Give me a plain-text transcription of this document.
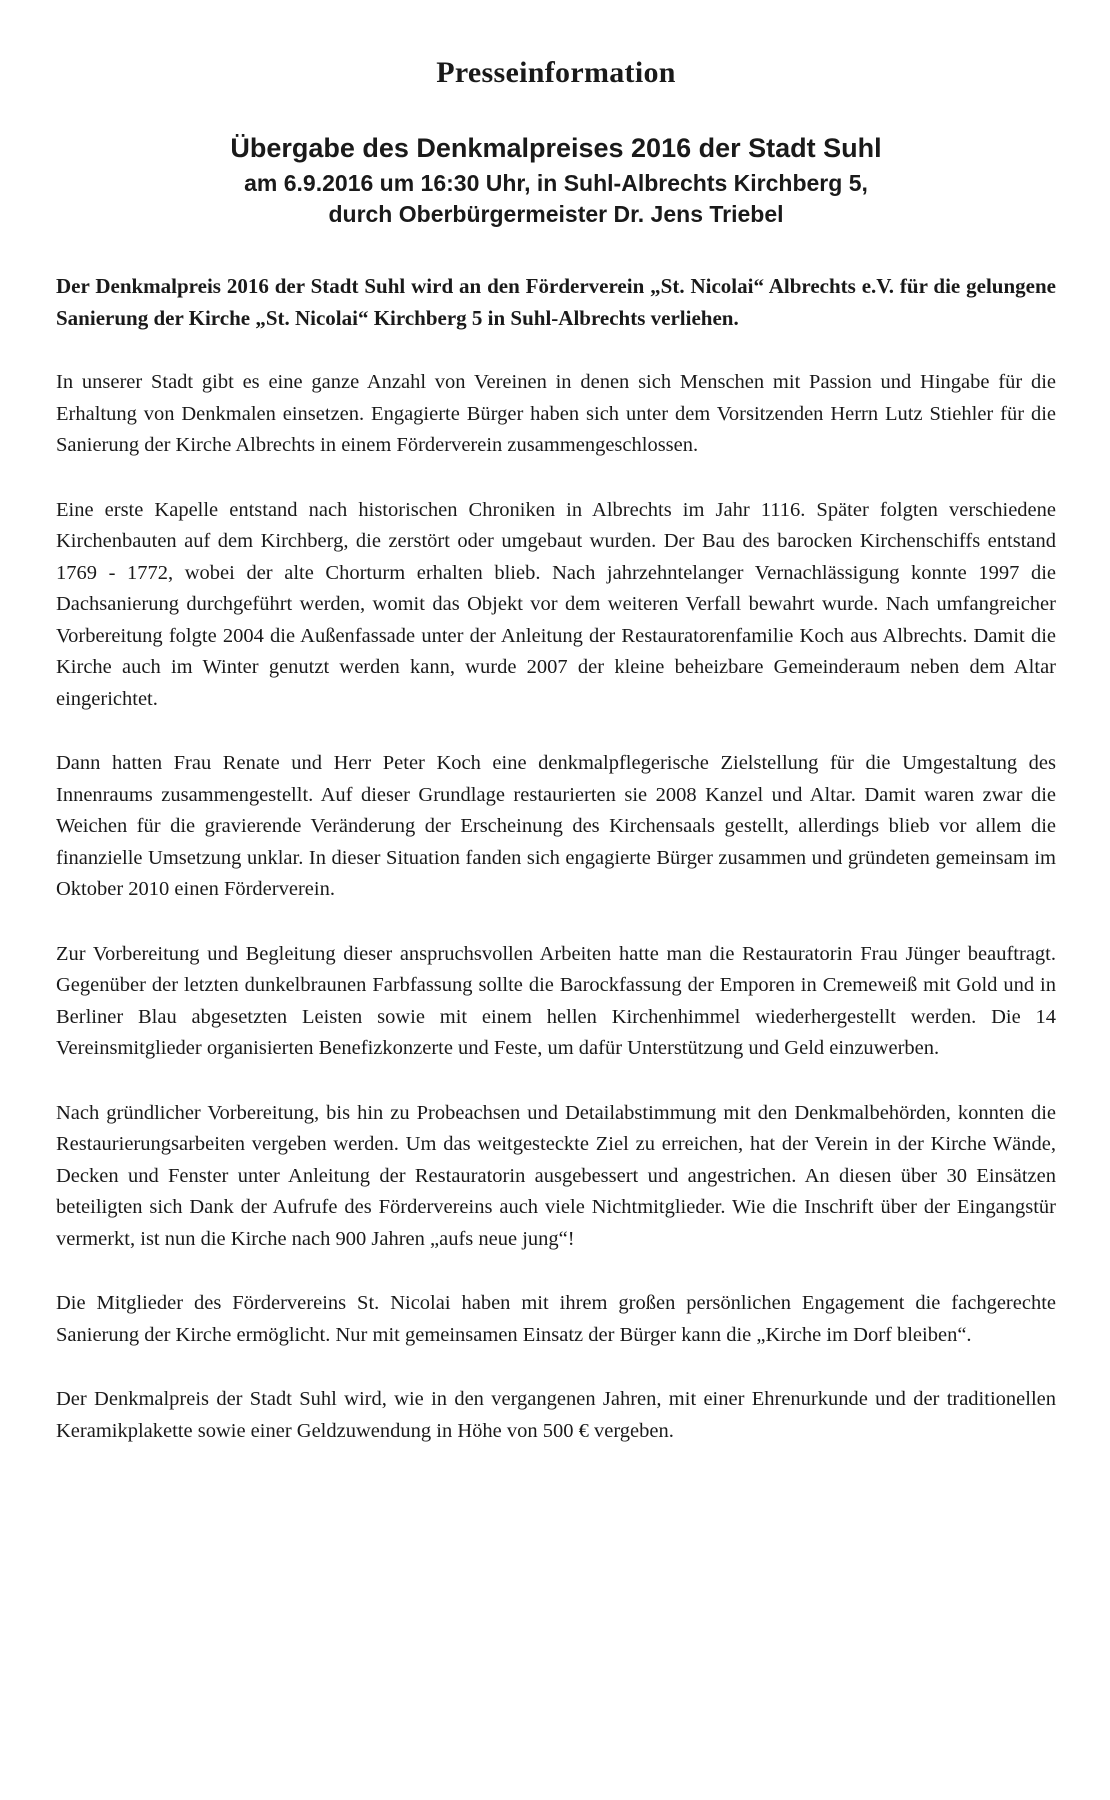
Presseinformation
Übergabe des Denkmalpreises 2016 der Stadt Suhl
am 6.9.2016 um 16:30 Uhr, in Suhl-Albrechts Kirchberg 5,
durch Oberbürgermeister Dr. Jens Triebel

Der Denkmalpreis 2016 der Stadt Suhl wird an den Förderverein „St. Nicolai“ Albrechts e.V. für die gelungene Sanierung der Kirche „St. Nicolai“ Kirchberg 5 in Suhl-Albrechts verliehen.

In unserer Stadt gibt es eine ganze Anzahl von Vereinen in denen sich Menschen mit Passion und Hingabe für die Erhaltung von Denkmalen einsetzen. Engagierte Bürger haben sich unter dem Vorsitzenden Herrn Lutz Stiehler für die Sanierung der Kirche Albrechts in einem Förderverein zusammengeschlossen.

Eine erste Kapelle entstand nach historischen Chroniken in Albrechts im Jahr 1116. Später folgten verschiedene Kirchenbauten auf dem Kirchberg, die zerstört oder umgebaut wurden. Der Bau des barocken Kirchenschiffs entstand 1769 - 1772, wobei der alte Chorturm erhalten blieb. Nach jahrzehntelanger Vernachlässigung konnte 1997 die Dachsanierung durchgeführt werden, womit das Objekt vor dem weiteren Verfall bewahrt wurde. Nach umfangreicher Vorbereitung folgte 2004 die Außenfassade unter der Anleitung der Restauratorenfamilie Koch aus Albrechts. Damit die Kirche auch im Winter genutzt werden kann, wurde 2007 der kleine beheizbare Gemeinderaum neben dem Altar eingerichtet.

Dann hatten Frau Renate und Herr Peter Koch eine denkmalpflegerische Zielstellung für die Umgestaltung des Innenraums zusammengestellt. Auf dieser Grundlage restaurierten sie 2008 Kanzel und Altar. Damit waren zwar die Weichen für die gravierende Veränderung der Erscheinung des Kirchensaals gestellt, allerdings blieb vor allem die finanzielle Umsetzung unklar. In dieser Situation fanden sich engagierte Bürger zusammen und gründeten gemeinsam im Oktober 2010 einen Förderverein.

Zur Vorbereitung und Begleitung dieser anspruchsvollen Arbeiten hatte man die Restauratorin Frau Jünger beauftragt. Gegenüber der letzten dunkelbraunen Farbfassung sollte die Barockfassung der Emporen in Cremeweiß mit Gold und in Berliner Blau abgesetzten Leisten sowie mit einem hellen Kirchenhimmel wiederhergestellt werden. Die 14 Vereinsmitglieder organisierten Benefizkonzerte und Feste, um dafür Unterstützung und Geld einzuwerben.

Nach gründlicher Vorbereitung, bis hin zu Probeachsen und Detailabstimmung mit den Denkmalbehörden, konnten die Restaurierungsarbeiten vergeben werden. Um das weitgesteckte Ziel zu erreichen, hat der Verein in der Kirche Wände, Decken und Fenster unter Anleitung der Restauratorin ausgebessert und angestrichen. An diesen über 30 Einsätzen beteiligten sich Dank der Aufrufe des Fördervereins auch viele Nichtmitglieder. Wie die Inschrift über der Eingangstür vermerkt, ist nun die Kirche nach 900 Jahren „aufs neue jung“!

Die Mitglieder des Fördervereins St. Nicolai haben mit ihrem großen persönlichen Engagement die fachgerechte Sanierung der Kirche ermöglicht. Nur mit gemeinsamen Einsatz der Bürger kann die „Kirche im Dorf bleiben“.

Der Denkmalpreis der Stadt Suhl wird, wie in den vergangenen Jahren, mit einer Ehrenurkunde und der traditionellen Keramikplakette sowie einer Geldzuwendung in Höhe von 500 € vergeben.
